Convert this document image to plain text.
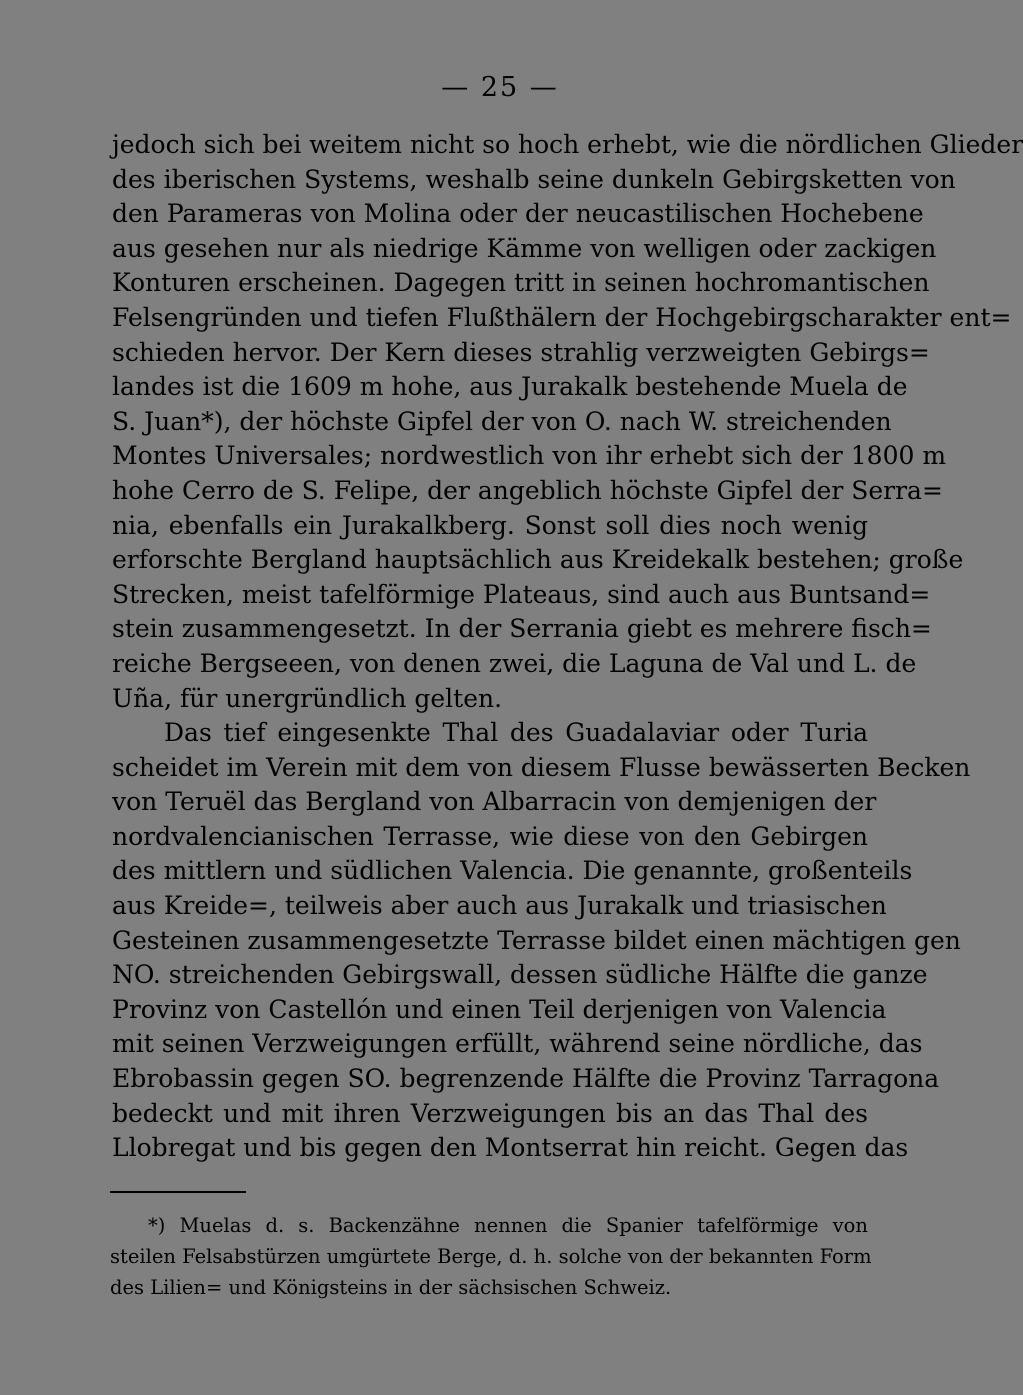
— 25 —
jedoch sich bei weitem nicht so hoch erhebt, wie die nördlichen Glieder
des iberischen Systems, weshalb seine dunkeln Gebirgsketten von
den Parameras von Molina oder der neucastilischen Hochebene
aus gesehen nur als niedrige Kämme von welligen oder zackigen
Konturen erscheinen. Dagegen tritt in seinen hochromantischen
Felsengründen und tiefen Flußthälern der Hochgebirgscharakter ent=
schieden hervor. Der Kern dieses strahlig verzweigten Gebirgs=
landes ist die 1609 m hohe, aus Jurakalk bestehende Muela de
S. Juan*), der höchste Gipfel der von O. nach W. streichenden
Montes Universales; nordwestlich von ihr erhebt sich der 1800 m
hohe Cerro de S. Felipe, der angeblich höchste Gipfel der Serra=
nia, ebenfalls ein Jurakalkberg. Sonst soll dies noch wenig
erforschte Bergland hauptsächlich aus Kreidekalk bestehen; große
Strecken, meist tafelförmige Plateaus, sind auch aus Buntsand=
stein zusammengesetzt. In der Serrania giebt es mehrere fisch=
reiche Bergseeen, von denen zwei, die Laguna de Val und L. de
Uña, für unergründlich gelten.
Das tief eingesenkte Thal des Guadalaviar oder Turia
scheidet im Verein mit dem von diesem Flusse bewässerten Becken
von Teruël das Bergland von Albarracin von demjenigen der
nordvalencianischen Terrasse, wie diese von den Gebirgen
des mittlern und südlichen Valencia. Die genannte, großenteils
aus Kreide=, teilweis aber auch aus Jurakalk und triasischen
Gesteinen zusammengesetzte Terrasse bildet einen mächtigen gen
NO. streichenden Gebirgswall, dessen südliche Hälfte die ganze
Provinz von Castellón und einen Teil derjenigen von Valencia
mit seinen Verzweigungen erfüllt, während seine nördliche, das
Ebrobassin gegen SO. begrenzende Hälfte die Provinz Tarragona
bedeckt und mit ihren Verzweigungen bis an das Thal des
Llobregat und bis gegen den Montserrat hin reicht. Gegen das
*) Muelas d. s. Backenzähne nennen die Spanier tafelförmige von
steilen Felsabstürzen umgürtete Berge, d. h. solche von der bekannten Form
des Lilien= und Königsteins in der sächsischen Schweiz.
